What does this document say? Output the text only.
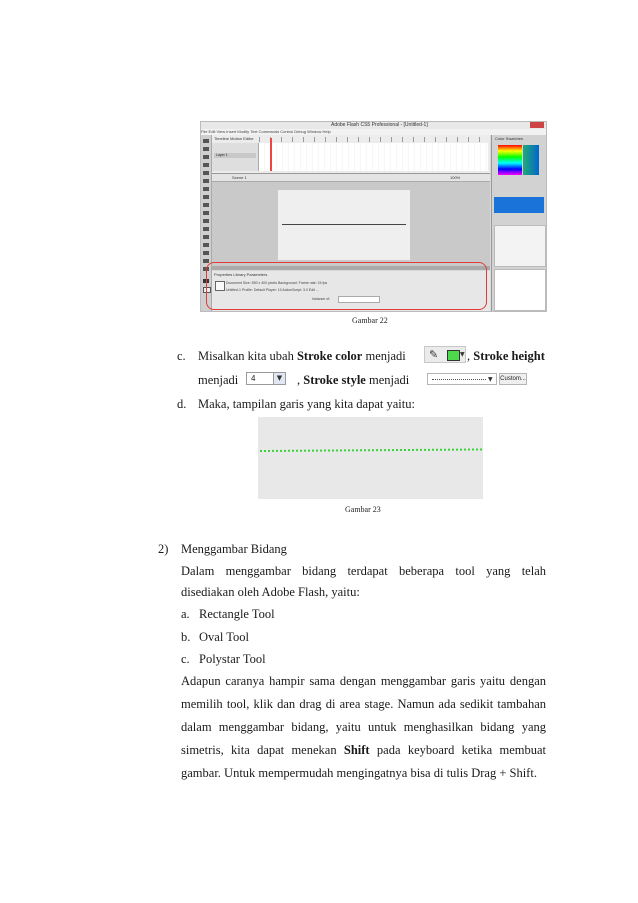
Adobe Flash CS5 Professional - [Untitled-1]
File Edit View Insert Modify Text Commands Control Debug Window Help
Timeline Motion Editor
Layer 1
Scene 1	100%
Properties Library Parameters
Document Size: 550 x 400 pixels Background: Frame rate: 24 fps
Untitled-1 Profile: Default Player: 10 ActionScript: 3.0 Edit ...
Instance of:
Color Swatches
Gambar 22
c. Misalkan kita ubah Stroke color menjadi ✎	▼ , Stroke height
menjadi 4	▼ , Stroke style menjadi	▼ Custom...
d. Maka, tampilan garis yang kita dapat yaitu:
Gambar 23
2) Menggambar Bidang
Dalam menggambar bidang terdapat beberapa tool yang telah
disediakan oleh Adobe Flash, yaitu:
a. Rectangle Tool
b. Oval Tool
c. Polystar Tool
Adapun caranya hampir sama dengan menggambar garis yaitu dengan
memilih tool, klik dan drag di area stage. Namun ada sedikit tambahan
dalam menggambar bidang, yaitu untuk menghasilkan bidang yang
simetris, kita dapat menekan Shift pada keyboard ketika membuat
gambar. Untuk mempermudah mengingatnya bisa di tulis Drag + Shift.
